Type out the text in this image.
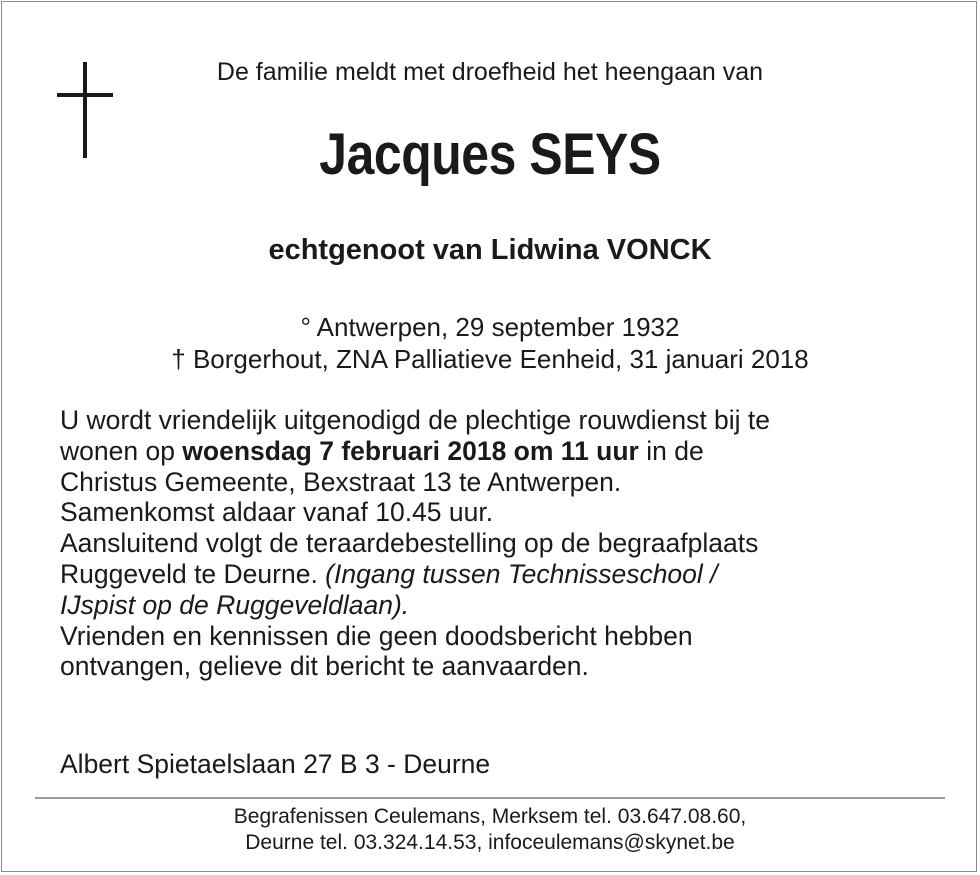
De familie meldt met droefheid het heengaan van
Jacques SEYS
echtgenoot van Lidwina VONCK
° Antwerpen, 29 september 1932
† Borgerhout, ZNA Palliatieve Eenheid, 31 januari 2018
U wordt vriendelijk uitgenodigd de plechtige rouwdienst bij te
wonen op woensdag 7 februari 2018 om 11 uur in de
Christus Gemeente, Bexstraat 13 te Antwerpen.
Samenkomst aldaar vanaf 10.45 uur.
Aansluitend volgt de teraardebestelling op de begraafplaats
Ruggeveld te Deurne. (Ingang tussen Technisseschool /
IJspist op de Ruggeveldlaan).
Vrienden en kennissen die geen doodsbericht hebben
ontvangen, gelieve dit bericht te aanvaarden.
Albert Spietaelslaan 27 B 3 - Deurne
Begrafenissen Ceulemans, Merksem tel. 03.647.08.60,
Deurne tel. 03.324.14.53, infoceulemans@skynet.be
